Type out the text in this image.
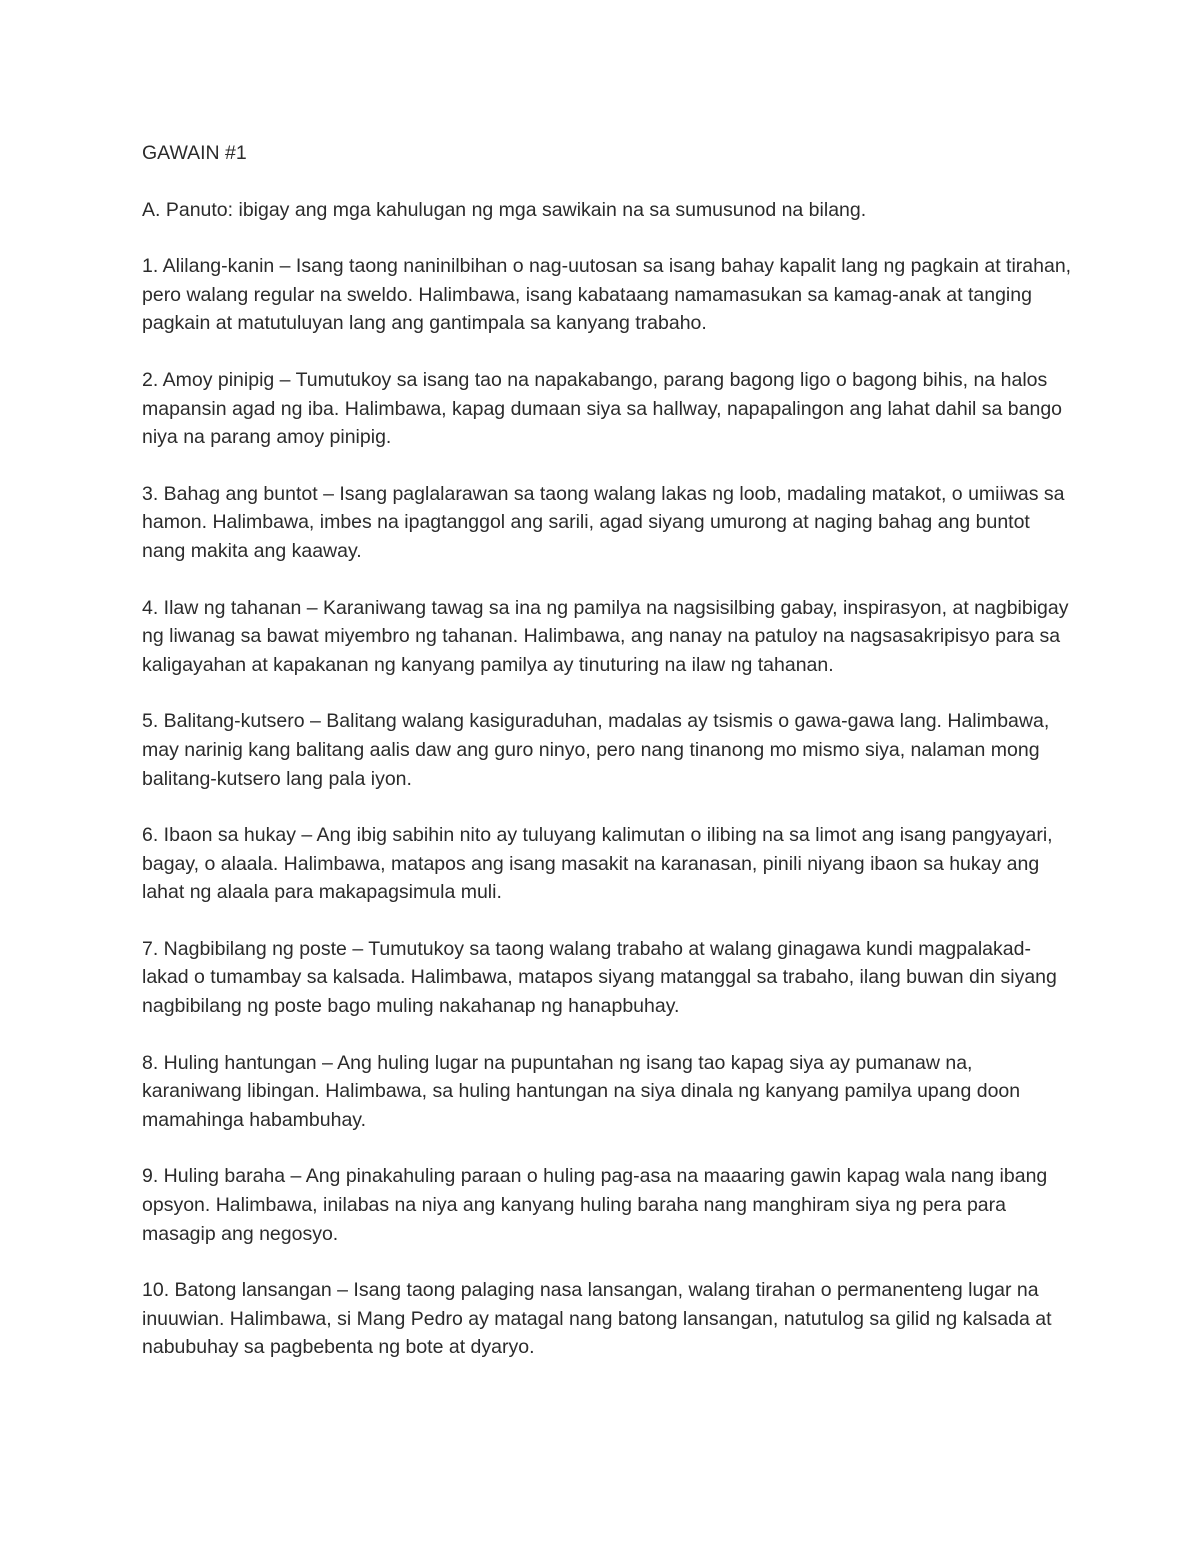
GAWAIN #1

A. Panuto: ibigay ang mga kahulugan ng mga sawikain na sa sumusunod na bilang.

1. Alilang-kanin – Isang taong naninilbihan o nag-uutosan sa isang bahay kapalit lang ng pagkain at tirahan, pero walang regular na sweldo. Halimbawa, isang kabataang namamasukan sa kamag-anak at tanging pagkain at matutuluyan lang ang gantimpala sa kanyang trabaho.

2. Amoy pinipig – Tumutukoy sa isang tao na napakabango, parang bagong ligo o bagong bihis, na halos mapansin agad ng iba. Halimbawa, kapag dumaan siya sa hallway, napapalingon ang lahat dahil sa bango niya na parang amoy pinipig.

3. Bahag ang buntot – Isang paglalarawan sa taong walang lakas ng loob, madaling matakot, o umiiwas sa hamon. Halimbawa, imbes na ipagtanggol ang sarili, agad siyang umurong at naging bahag ang buntot nang makita ang kaaway.

4. Ilaw ng tahanan – Karaniwang tawag sa ina ng pamilya na nagsisilbing gabay, inspirasyon, at nagbibigay ng liwanag sa bawat miyembro ng tahanan. Halimbawa, ang nanay na patuloy na nagsasakripisyo para sa kaligayahan at kapakanan ng kanyang pamilya ay tinuturing na ilaw ng tahanan.

5. Balitang-kutsero – Balitang walang kasiguraduhan, madalas ay tsismis o gawa-gawa lang. Halimbawa, may narinig kang balitang aalis daw ang guro ninyo, pero nang tinanong mo mismo siya, nalaman mong balitang-kutsero lang pala iyon.

6. Ibaon sa hukay – Ang ibig sabihin nito ay tuluyang kalimutan o ilibing na sa limot ang isang pangyayari, bagay, o alaala. Halimbawa, matapos ang isang masakit na karanasan, pinili niyang ibaon sa hukay ang lahat ng alaala para makapagsimula muli.

7. Nagbibilang ng poste – Tumutukoy sa taong walang trabaho at walang ginagawa kundi magpalakad-lakad o tumambay sa kalsada. Halimbawa, matapos siyang matanggal sa trabaho, ilang buwan din siyang nagbibilang ng poste bago muling nakahanap ng hanapbuhay.

8. Huling hantungan – Ang huling lugar na pupuntahan ng isang tao kapag siya ay pumanaw na, karaniwang libingan. Halimbawa, sa huling hantungan na siya dinala ng kanyang pamilya upang doon mamahinga habambuhay.

9. Huling baraha – Ang pinakahuling paraan o huling pag-asa na maaaring gawin kapag wala nang ibang opsyon. Halimbawa, inilabas na niya ang kanyang huling baraha nang manghiram siya ng pera para masagip ang negosyo.

10. Batong lansangan – Isang taong palaging nasa lansangan, walang tirahan o permanenteng lugar na inuuwian. Halimbawa, si Mang Pedro ay matagal nang batong lansangan, natutulog sa gilid ng kalsada at nabubuhay sa pagbebenta ng bote at dyaryo.
